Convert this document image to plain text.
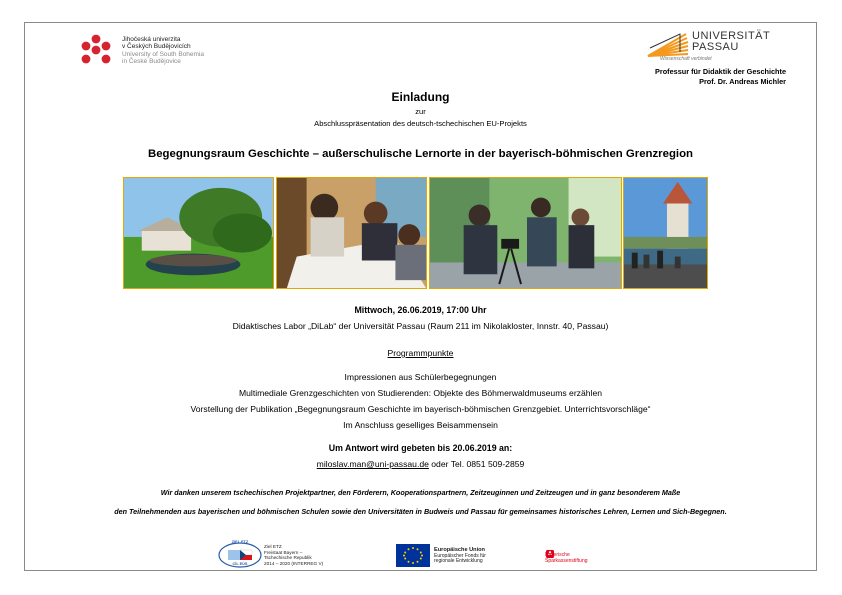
Jihočeská univerzita
v Českých Budějovicích
University of South Bohemia
in České Budějovice
UNIVERSITÄT
PASSAU
Wissenschaft verbindet
Professur für Didaktik der Geschichte
Prof. Dr. Andreas Michler
Einladung
zur
Abschlusspräsentation des deutsch-tschechischen EU-Projekts
Begegnungsraum Geschichte – außerschulische Lernorte in der bayerisch-böhmischen Grenzregion
Mittwoch, 26.06.2019, 17:00 Uhr
Didaktisches Labor „DiLab“ der Universität Passau (Raum 211 im Nikolakloster, Innstr. 40, Passau)
Programmpunkte
Impressionen aus Schülerbegegnungen
Multimediale Grenzgeschichten von Studierenden: Objekte des Böhmerwaldmuseums erzählen
Vorstellung der Publikation „Begegnungsraum Geschichte im bayerisch-böhmischen Grenzgebiet. Unterrichtsvorschläge“
Im Anschluss geselliges Beisammensein
Um Antwort wird gebeten bis 20.06.2019 an:
miloslav.man@uni-passau.de oder Tel. 0851 509-2859
Wir danken unserem tschechischen Projektpartner, den Förderern, Kooperationspartnern, Zeitzeuginnen und Zeitzeugen und in ganz besonderem Maße
den Teilnehmenden aus bayerischen und böhmischen Schulen sowie den Universitäten in Budweis und Passau für gemeinsames historisches Lehren, Lernen und Sich-Begegnen.
ZIEL ETZ
CÍL EÚS
Ziel ETZ
Freistaat Bayern –
Tschechische Republik
2014 – 2020 (INTERREG V)
Europäische Union
Europäischer Fonds für
regionale Entwicklung
Bayerische
Sparkassenstiftung
